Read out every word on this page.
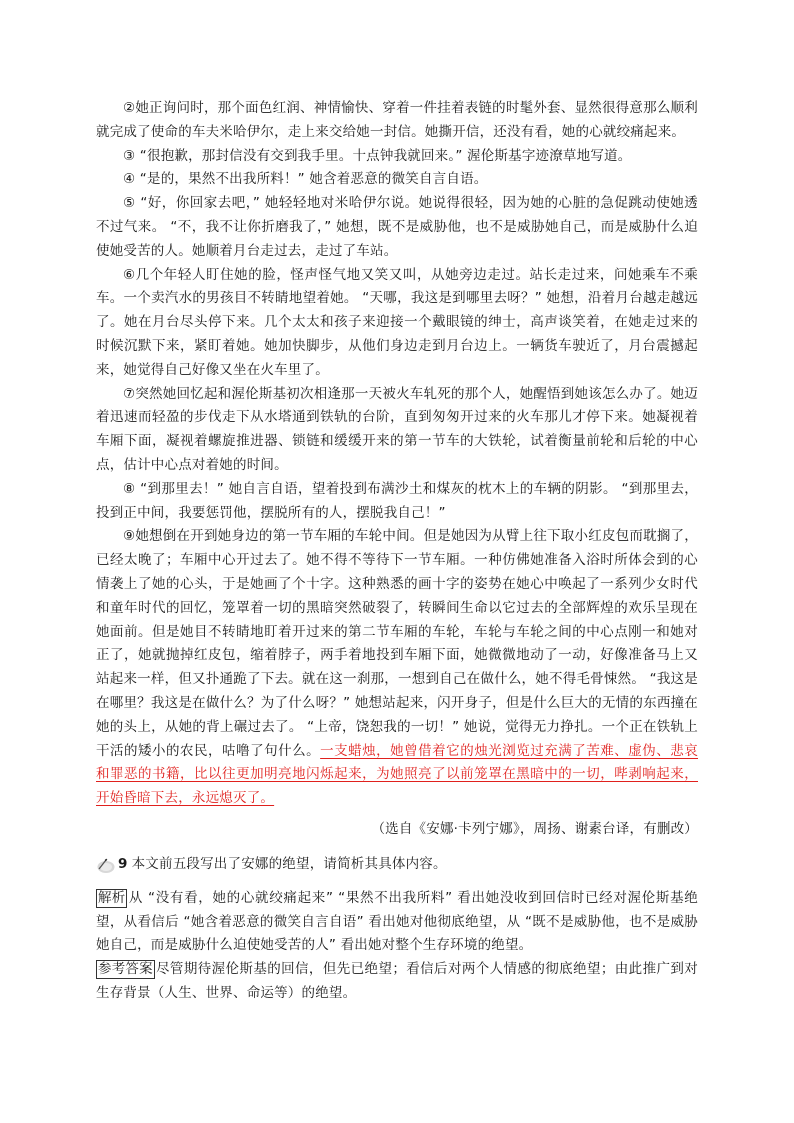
②她正询问时，那个面色红润、神情愉快、穿着一件挂着表链的时髦外套、显然很得意那么顺利就完成了使命的车夫米哈伊尔，走上来交给她一封信。她撕开信，还没有看，她的心就绞痛起来。

③ “很抱歉，那封信没有交到我手里。十点钟我就回来。” 渥伦斯基字迹潦草地写道。

④ “是的，果然不出我所料！” 她含着恶意的微笑自言自语。

⑤ “好，你回家去吧，” 她轻轻地对米哈伊尔说。她说得很轻，因为她的心脏的急促跳动使她透不过气来。 “不，我不让你折磨我了，” 她想，既不是威胁他，也不是威胁她自己，而是威胁什么迫使她受苦的人。她顺着月台走过去，走过了车站。

⑥几个年轻人盯住她的脸，怪声怪气地又笑又叫，从她旁边走过。站长走过来，问她乘车不乘车。一个卖汽水的男孩目不转睛地望着她。 “天哪，我这是到哪里去呀？” 她想，沿着月台越走越远了。她在月台尽头停下来。几个太太和孩子来迎接一个戴眼镜的绅士，高声谈笑着，在她走过来的时候沉默下来，紧盯着她。她加快脚步，从他们身边走到月台边上。一辆货车驶近了，月台震撼起来，她觉得自己好像又坐在火车里了。

⑦突然她回忆起和渥伦斯基初次相逢那一天被火车轧死的那个人，她醒悟到她该怎么办了。她迈着迅速而轻盈的步伐走下从水塔通到铁轨的台阶，直到匆匆开过来的火车那儿才停下来。她凝视着车厢下面，凝视着螺旋推进器、锁链和缓缓开来的第一节车的大铁轮，试着衡量前轮和后轮的中心点，估计中心点对着她的时间。

⑧ “到那里去！” 她自言自语，望着投到布满沙土和煤灰的枕木上的车辆的阴影。 “到那里去，投到正中间，我要惩罚他，摆脱所有的人，摆脱我自己！”

⑨她想倒在开到她身边的第一节车厢的车轮中间。但是她因为从臂上往下取小红皮包而耽搁了，已经太晚了；车厢中心开过去了。她不得不等待下一节车厢。一种仿佛她准备入浴时所体会到的心情袭上了她的心头，于是她画了个十字。这种熟悉的画十字的姿势在她心中唤起了一系列少女时代和童年时代的回忆，笼罩着一切的黑暗突然破裂了，转瞬间生命以它过去的全部辉煌的欢乐呈现在她面前。但是她目不转睛地盯着开过来的第二节车厢的车轮，车轮与车轮之间的中心点刚一和她对正了，她就抛掉红皮包，缩着脖子，两手着地投到车厢下面，她微微地动了一动，好像准备马上又站起来一样，但又扑通跪了下去。就在这一刹那，一想到自己在做什么，她不得毛骨悚然。 “我这是在哪里？我这是在做什么？为了什么呀？” 她想站起来，闪开身子，但是什么巨大的无情的东西撞在她的头上，从她的背上碾过去了。 “上帝，饶恕我的一切！” 她说，觉得无力挣扎。一个正在铁轨上干活的矮小的农民，咕噜了句什么。一支蜡烛，她曾借着它的烛光浏览过充满了苦难、虚伪、悲哀和罪恶的书籍，比以往更加明亮地闪烁起来，为她照亮了以前笼罩在黑暗中的一切，哔剥响起来，开始昏暗下去，永远熄灭了。

（选自《安娜·卡列宁娜》，周扬、谢素台译，有删改）

9 本文前五段写出了安娜的绝望，请简析其具体内容。

解析 从 “没有看，她的心就绞痛起来” “果然不出我所料” 看出她没收到回信时已经对渥伦斯基绝望，从看信后 “她含着恶意的微笑自言自语” 看出她对他彻底绝望，从 “既不是威胁他，也不是威胁她自己，而是威胁什么迫使她受苦的人” 看出她对整个生存环境的绝望。

参考答案 尽管期待渥伦斯基的回信，但先已绝望；看信后对两个人情感的彻底绝望；由此推广到对生存背景（人生、世界、命运等）的绝望。
